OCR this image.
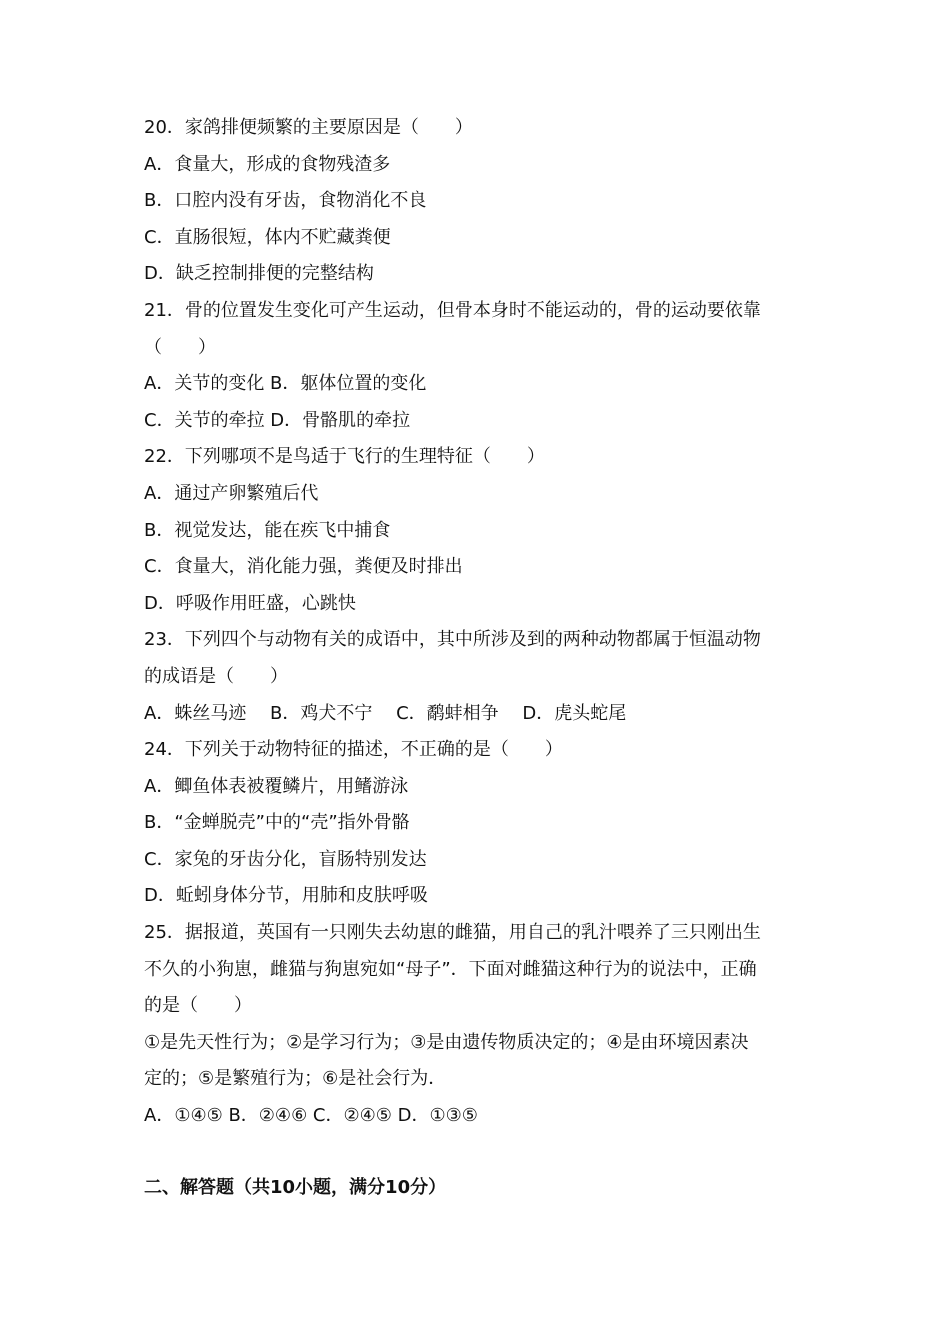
20．家鸽排便频繁的主要原因是（　　）
A．食量大，形成的食物残渣多
B．口腔内没有牙齿，食物消化不良
C．直肠很短，体内不贮藏粪便
D．缺乏控制排便的完整结构
21．骨的位置发生变化可产生运动，但骨本身时不能运动的，骨的运动要依靠
（　　）
A．关节的变化 B．躯体位置的变化
C．关节的牵拉 D．骨骼肌的牵拉
22．下列哪项不是鸟适于飞行的生理特征（　　）
A．通过产卵繁殖后代
B．视觉发达，能在疾飞中捕食
C．食量大，消化能力强，粪便及时排出
D．呼吸作用旺盛，心跳快
23．下列四个与动物有关的成语中，其中所涉及到的两种动物都属于恒温动物
的成语是（　　）
A．蛛丝马迹　 B．鸡犬不宁　 C．鹬蚌相争　 D．虎头蛇尾
24．下列关于动物特征的描述，不正确的是（　　）
A．鲫鱼体表被覆鳞片，用鳍游泳
B．“金蝉脱壳”中的“壳”指外骨骼
C．家兔的牙齿分化，盲肠特别发达
D．蚯蚓身体分节，用肺和皮肤呼吸
25．据报道，英国有一只刚失去幼崽的雌猫，用自己的乳汁喂养了三只刚出生
不久的小狗崽，雌猫与狗崽宛如“母子”．下面对雌猫这种行为的说法中，正确
的是（　　）
①是先天性行为；②是学习行为；③是由遗传物质决定的；④是由环境因素决
定的；⑤是繁殖行为；⑥是社会行为．
A．①④⑤ B．②④⑥ C．②④⑤ D．①③⑤
二、解答题（共10小题，满分10分）
